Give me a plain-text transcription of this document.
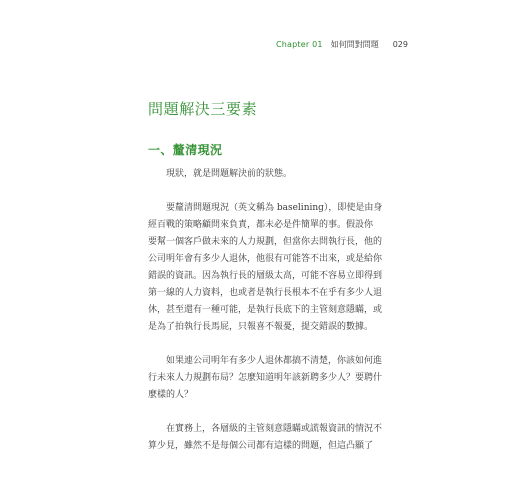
Chapter 01 如何問對問題 029
問題解決三要素
一、釐清現況

現狀，就是問題解決前的狀態。

要釐清問題現況（英文稱為 baselining），即使是由身
經百戰的策略顧問來負責，都未必是件簡單的事。假設你
要幫一個客戶做未來的人力規劃，但當你去問執行長，他的
公司明年會有多少人退休，他很有可能答不出來，或是給你
錯誤的資訊。因為執行長的層級太高，可能不容易立即得到
第一線的人力資料，也或者是執行長根本不在乎有多少人退
休，甚至還有一種可能，是執行長底下的主管刻意隱瞞，或
是為了拍執行長馬屁，只報喜不報憂，提交錯誤的數據。

如果連公司明年有多少人退休都搞不清楚，你該如何進
行未來人力規劃布局？怎麼知道明年該新聘多少人？要聘什
麼樣的人？

在實務上，各層級的主管刻意隱瞞或謊報資訊的情況不
算少見，雖然不是每個公司都有這樣的問題，但這凸顯了
